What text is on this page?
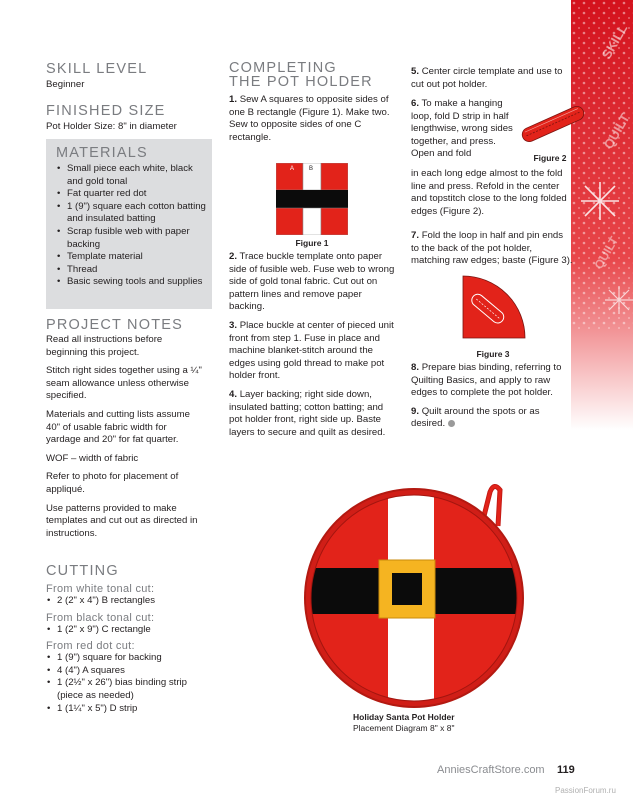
SKILL
QUILT
QUILT
SKILL LEVEL
Beginner
FINISHED SIZE
Pot Holder Size: 8" in diameter
MATERIALS
• Small piece each white, black and gold tonal
• Fat quarter red dot
• 1 (9") square each cotton batting and insulated batting
• Scrap fusible web with paper backing
• Template material
• Thread
• Basic sewing tools and supplies
PROJECT NOTES

Read all instructions before beginning this project.

Stitch right sides together using a ¼" seam allowance unless otherwise specified.

Materials and cutting lists assume 40" of usable fabric width for yardage and 20" for fat quarter.

WOF – width of fabric

Refer to photo for placement of appliqué.

Use patterns provided to make templates and cut out as directed in instructions.

CUTTING
From white tonal cut:
• 2 (2" x 4") B rectangles
From black tonal cut:
• 1 (2" x 9") C rectangle
From red dot cut:
• 1 (9") square for backing
• 4 (4") A squares
• 1 (2½" x 26") bias binding strip (piece as needed)
• 1 (1¼" x 5") D strip
COMPLETING
THE POT HOLDER
1. Sew A squares to opposite sides of one B rectangle (Figure 1). Make two. Sew to opposite sides of one C rectangle.
A B
C
Figure 1

2. Trace buckle template onto paper side of fusible web. Fuse web to wrong side of gold tonal fabric. Cut out on pattern lines and remove paper backing.

3. Place buckle at center of pieced unit front from step 1. Fuse in place and machine blanket-stitch around the edges using gold thread to make pot holder front.

4. Layer backing; right side down, insulated batting; cotton batting; and pot holder front, right side up. Baste layers to secure and quilt as desired.

5. Center circle template and use to cut out pot holder.
6. To make a hanging loop, fold D strip in half lengthwise, wrong sides together, and press. Open and fold	Figure 2
in each long edge almost to the fold line and press. Refold in the center and topstitch close to the long folded edges (Figure 2).
7. Fold the loop in half and pin ends to the back of the pot holder, matching raw edges; baste (Figure 3).
Figure 3

8. Prepare bias binding, referring to Quilting Basics, and apply to raw edges to complete the pot holder.

9. Quilt around the spots or as desired.

Holiday Santa Pot Holder
Placement Diagram 8" x 8"
AnniesCraftStore.com 119
PassionForum.ru
